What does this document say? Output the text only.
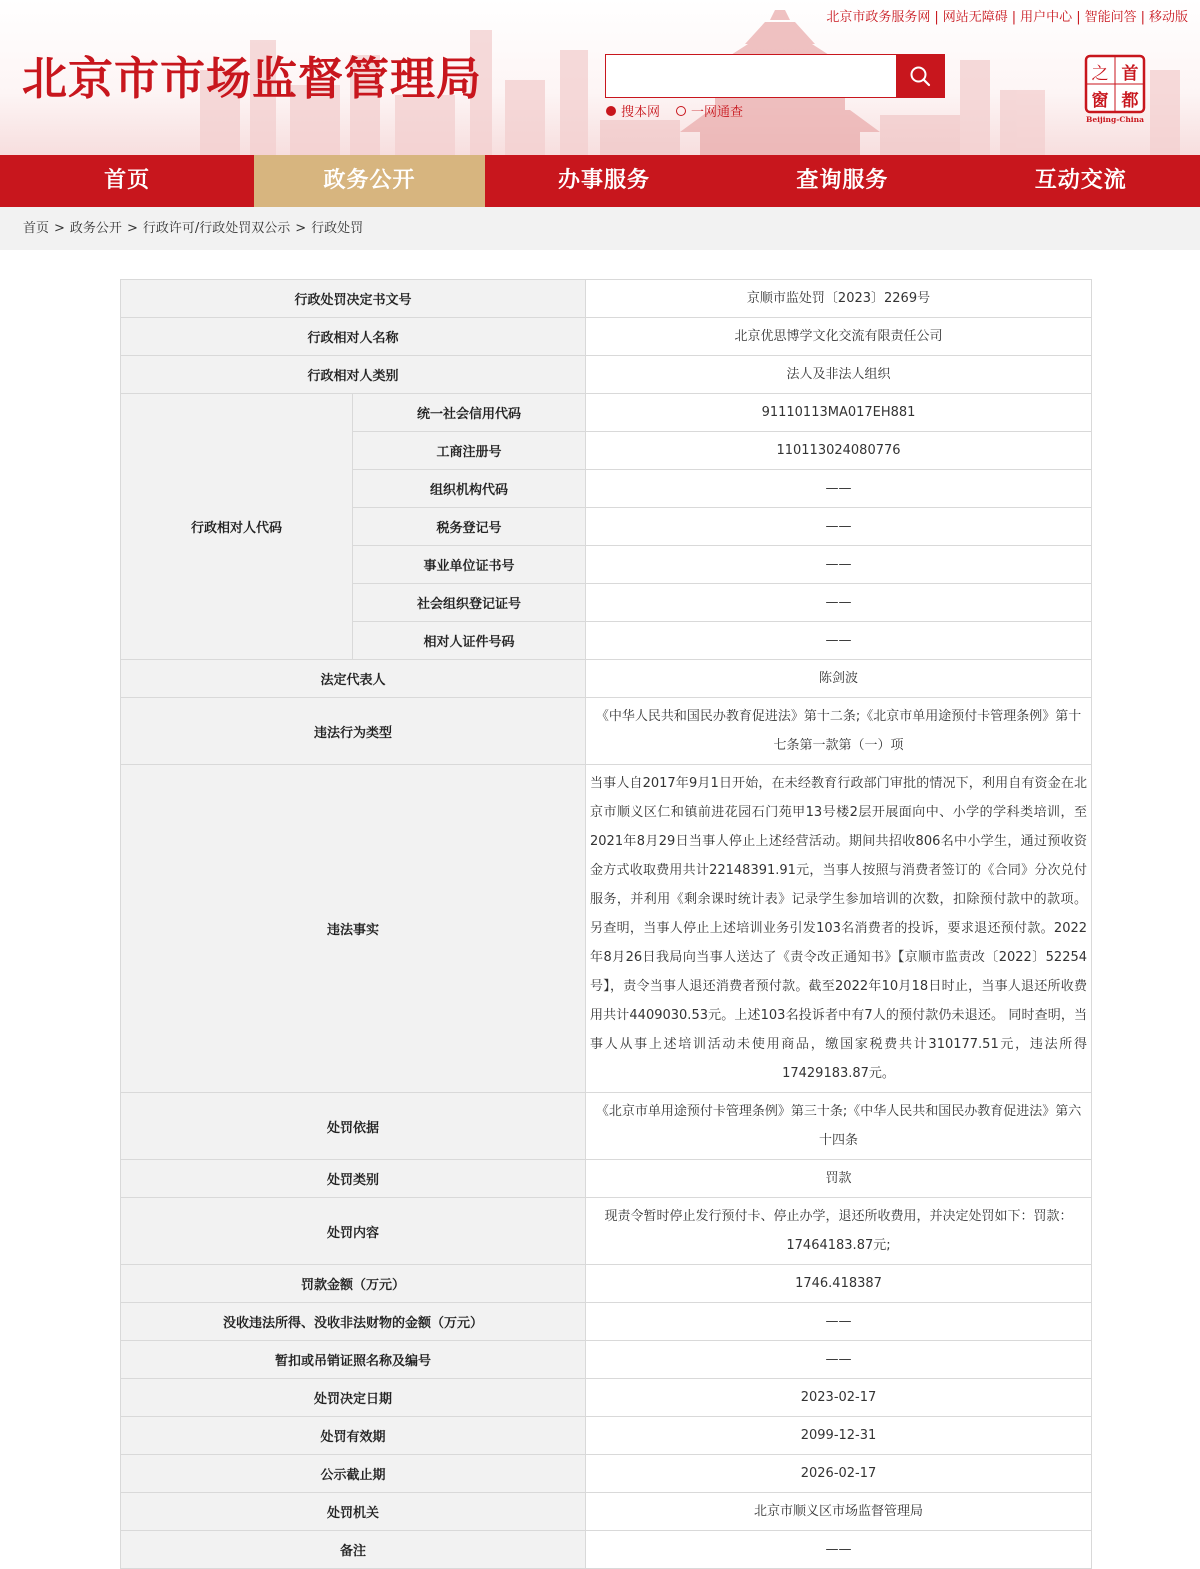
北京市市场监督管理局
北京市政务服务网 | 网站无障碍 | 用户中心 | 智能问答 | 移动版
搜本网 一网通查
之 首
窗 都
Beijing-China
首页	政务公开	办事服务	查询服务	互动交流
首页 > 政务公开 > 行政许可/行政处罚双公示 > 行政处罚
行政处罚决定书文号		京顺市监处罚〔2023〕2269号
行政相对人名称		北京优思博学文化交流有限责任公司
行政相对人类别		法人及非法人组织
行政相对人代码	统一社会信用代码	91110113MA017EH881
	工商注册号	110113024080776
	组织机构代码	——
	税务登记号	——
	事业单位证书号	——
	社会组织登记证号	——
	相对人证件号码	——
法定代表人		陈剑波
违法行为类型		《中华人民共和国民办教育促进法》第十二条;《北京市单用途预付卡管理条例》第十七条第一款第（一）项
违法事实		当事人自2017年9月1日开始，在未经教育行政部门审批的情况下，利用自有资金在北京市顺义区仁和镇前进花园石门苑甲13号楼2层开展面向中、小学的学科类培训，至2021年8月29日当事人停止上述经营活动。期间共招收806名中小学生，通过预收资金方式收取费用共计22148391.91元，当事人按照与消费者签订的《合同》分次兑付服务，并利用《剩余课时统计表》记录学生参加培训的次数，扣除预付款中的款项。 另查明，当事人停止上述培训业务引发103名消费者的投诉，要求退还预付款。2022年8月26日我局向当事人送达了《责令改正通知书》【京顺市监责改〔2022〕52254号】，责令当事人退还消费者预付款。截至2022年10月18日时止，当事人退还所收费用共计4409030.53元。上述103名投诉者中有7人的预付款仍未退还。 同时查明，当事人从事上述培训活动未使用商品，缴国家税费共计310177.51元，违法所得17429183.87元。
处罚依据		《北京市单用途预付卡管理条例》第三十条;《中华人民共和国民办教育促进法》第六十四条
处罚类别		罚款
处罚内容		现责令暂时停止发行预付卡、停止办学，退还所收费用，并决定处罚如下：罚款：17464183.87元;
罚款金额（万元）		1746.418387
没收违法所得、没收非法财物的金额（万元）		——
暂扣或吊销证照名称及编号		——
处罚决定日期		2023-02-17
处罚有效期		2099-12-31
公示截止期		2026-02-17
处罚机关		北京市顺义区市场监督管理局
备注		——
